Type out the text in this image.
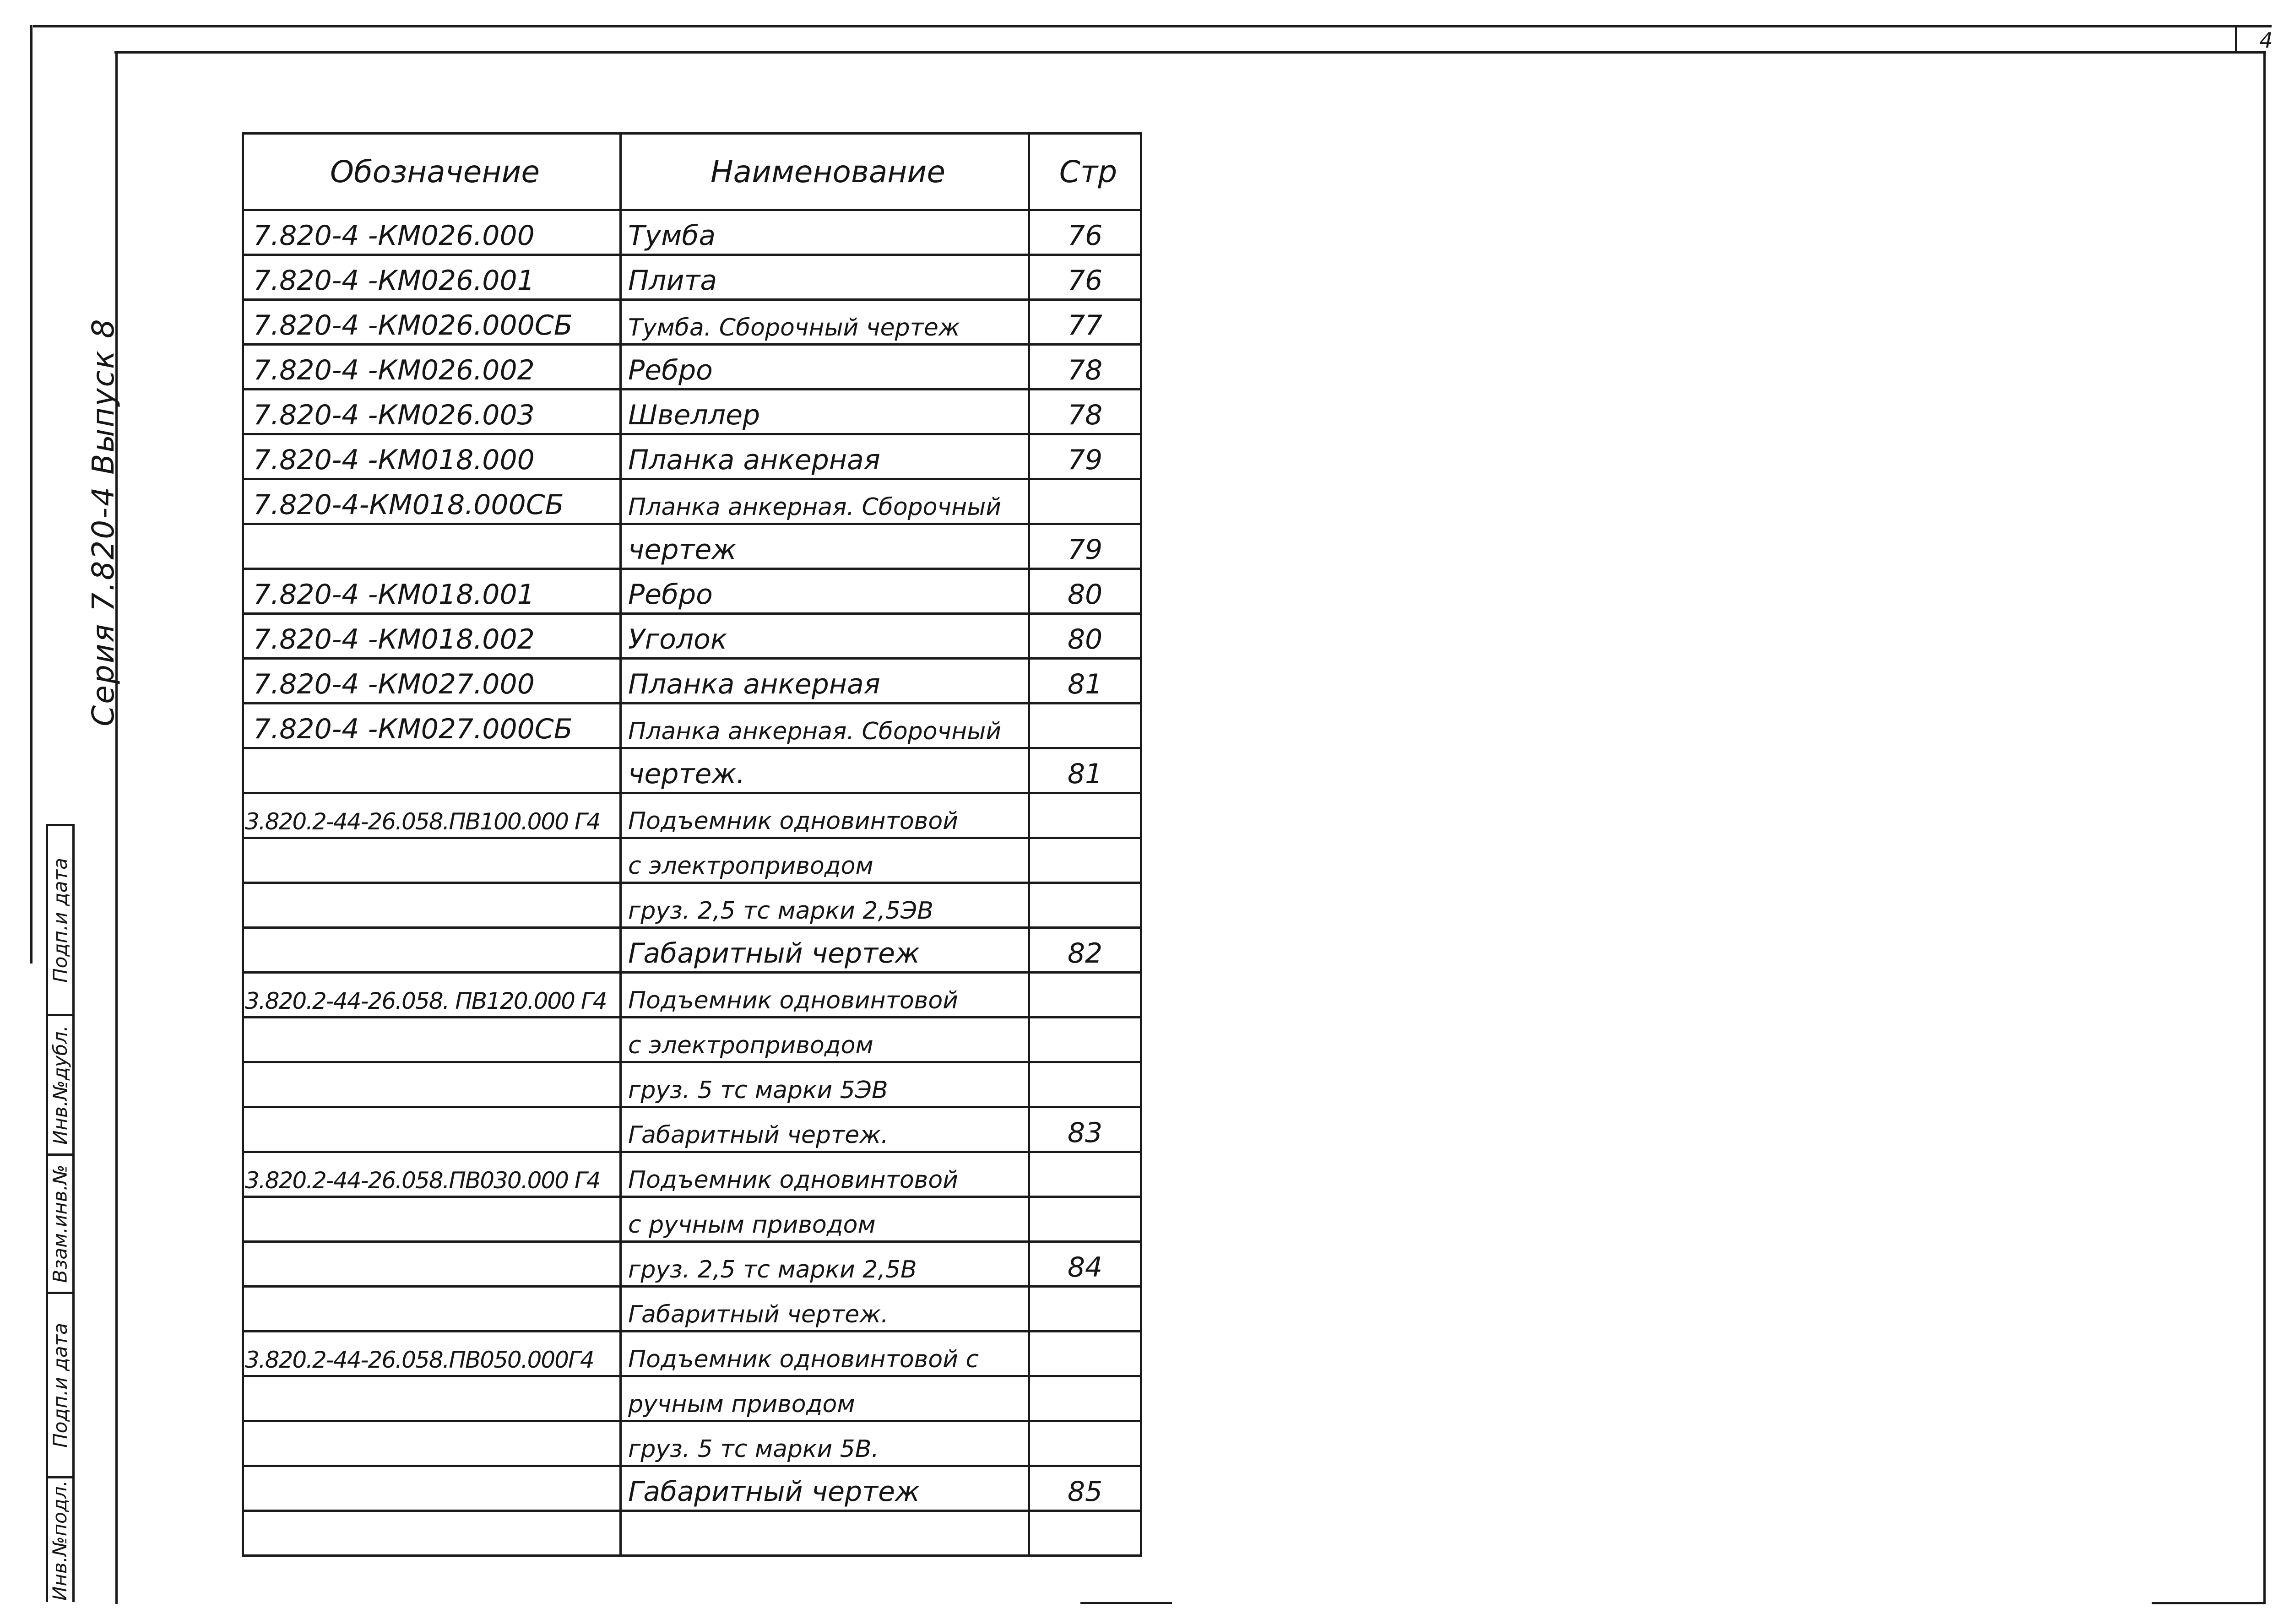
4
Подп.и дата
Инв.№дубл.
Взам.инв.№
Подп.и дата
Инв.№подл.
Серия 7.820-4 Выпуск 8
Обозначение	Наименование	Стр
7.820-4 -КМ026.000	Тумба	76
7.820-4 -КМ026.001	Плита	76
7.820-4 -КМ026.000СБ	Тумба. Сборочный чертеж	77
7.820-4 -КМ026.002	Ребро	78
7.820-4 -КМ026.003	Швеллер	78
7.820-4 -КМ018.000	Планка анкерная	79
7.820-4-КМ018.000СБ	Планка анкерная. Сборочный	
	чертеж	79
7.820-4 -КМ018.001	Ребро	80
7.820-4 -КМ018.002	Уголок	80
7.820-4 -КМ027.000	Планка анкерная	81
7.820-4 -КМ027.000СБ	Планка анкерная. Сборочный	
	чертеж.	81
3.820.2-44-26.058.ПВ100.000 Г4	Подъемник одновинтовой	
	с электроприводом	
	груз. 2,5 тс марки 2,5ЭВ	
	Габаритный чертеж	82
3.820.2-44-26.058. ПВ120.000 Г4	Подъемник одновинтовой	
	с электроприводом	
	груз. 5 тс марки 5ЭВ	
	Габаритный чертеж.	83
3.820.2-44-26.058.ПВ030.000 Г4	Подъемник одновинтовой	
	с ручным приводом	
	груз. 2,5 тс марки 2,5В	84
	Габаритный чертеж.	
3.820.2-44-26.058.ПВ050.000Г4	Подъемник одновинтовой с	
	ручным приводом	
	груз. 5 тс марки 5В.	
	Габаритный чертеж	85
